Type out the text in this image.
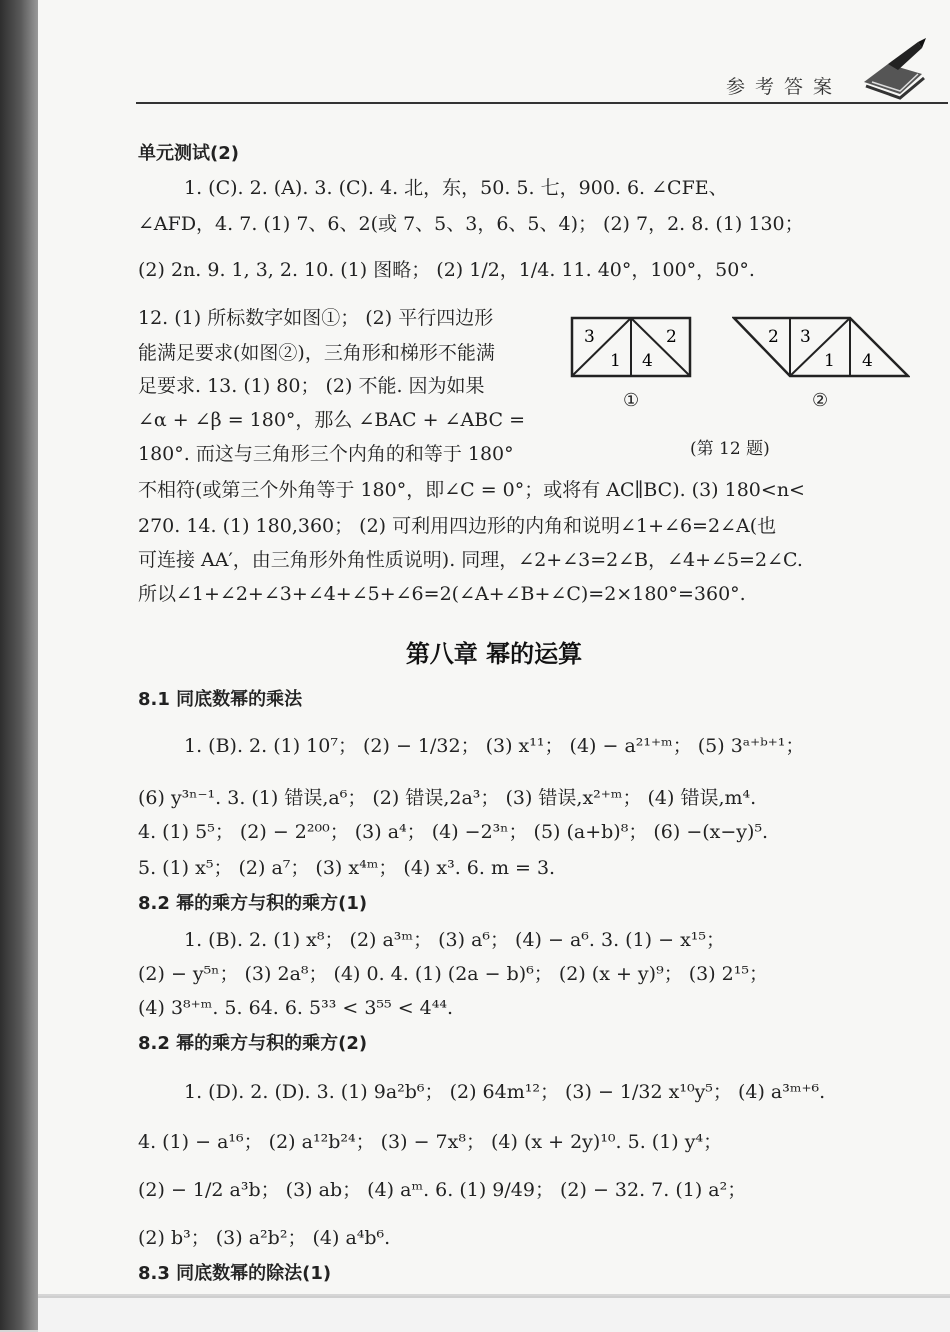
参考答案
单元测试(2)
1. (C). 2. (A). 3. (C). 4. 北，东，50. 5. 七，900. 6. ∠CFE、
∠AFD，4. 7. (1) 7、6、2(或 7、5、3，6、5、4)； (2) 7，2. 8. (1) 130；
(2) 2n. 9. 1, 3, 2. 10. (1) 图略； (2) 1/2，1/4. 11. 40°，100°，50°.
12. (1) 所标数字如图①； (2) 平行四边形
能满足要求(如图②)，三角形和梯形不能满
足要求. 13. (1) 80； (2) 不能. 因为如果
∠α + ∠β = 180°，那么 ∠BAC + ∠ABC =
180°. 而这与三角形三个内角的和等于 180°
不相符(或第三个外角等于 180°，即∠C = 0°；或将有 AC∥BC). (3) 180<n<
270. 14. (1) 180,360； (2) 可利用四边形的内角和说明∠1+∠6=2∠A(也
可连接 AA′，由三角形外角性质说明). 同理，∠2+∠3=2∠B，∠4+∠5=2∠C.
所以∠1+∠2+∠3+∠4+∠5+∠6=2(∠A+∠B+∠C)=2×180°=360°.
3
1 4
2
①
2 3
1 4
②
(第 12 题)
第八章 幂的运算
8.1 同底数幂的乘法
1. (B). 2. (1) 10⁷； (2) − 1/32； (3) x¹¹； (4) − a²¹⁺ᵐ； (5) 3ᵃ⁺ᵇ⁺¹；
(6) y³ⁿ⁻¹. 3. (1) 错误,a⁶； (2) 错误,2a³； (3) 错误,x²⁺ᵐ； (4) 错误,m⁴.
4. (1) 5⁵； (2) − 2²⁰⁰； (3) a⁴； (4) −2³ⁿ； (5) (a+b)⁸； (6) −(x−y)⁵.
5. (1) x⁵； (2) a⁷； (3) x⁴ᵐ； (4) x³. 6. m = 3.
8.2 幂的乘方与积的乘方(1)
1. (B). 2. (1) x⁸； (2) a³ᵐ； (3) a⁶； (4) − a⁶. 3. (1) − x¹⁵；
(2) − y⁵ⁿ； (3) 2a⁸； (4) 0. 4. (1) (2a − b)⁶； (2) (x + y)⁹； (3) 2¹⁵；
(4) 3⁸⁺ᵐ. 5. 64. 6. 5³³ < 3⁵⁵ < 4⁴⁴.
8.2 幂的乘方与积的乘方(2)
1. (D). 2. (D). 3. (1) 9a²b⁶； (2) 64m¹²； (3) − 1/32 x¹⁰y⁵； (4) a³ᵐ⁺⁶.
4. (1) − a¹⁶； (2) a¹²b²⁴； (3) − 7x⁸； (4) (x + 2y)¹⁰. 5. (1) y⁴；
(2) − 1/2 a³b； (3) ab； (4) aᵐ. 6. (1) 9/49； (2) − 32. 7. (1) a²；
(2) b³； (3) a²b²； (4) a⁴b⁶.
8.3 同底数幂的除法(1)
